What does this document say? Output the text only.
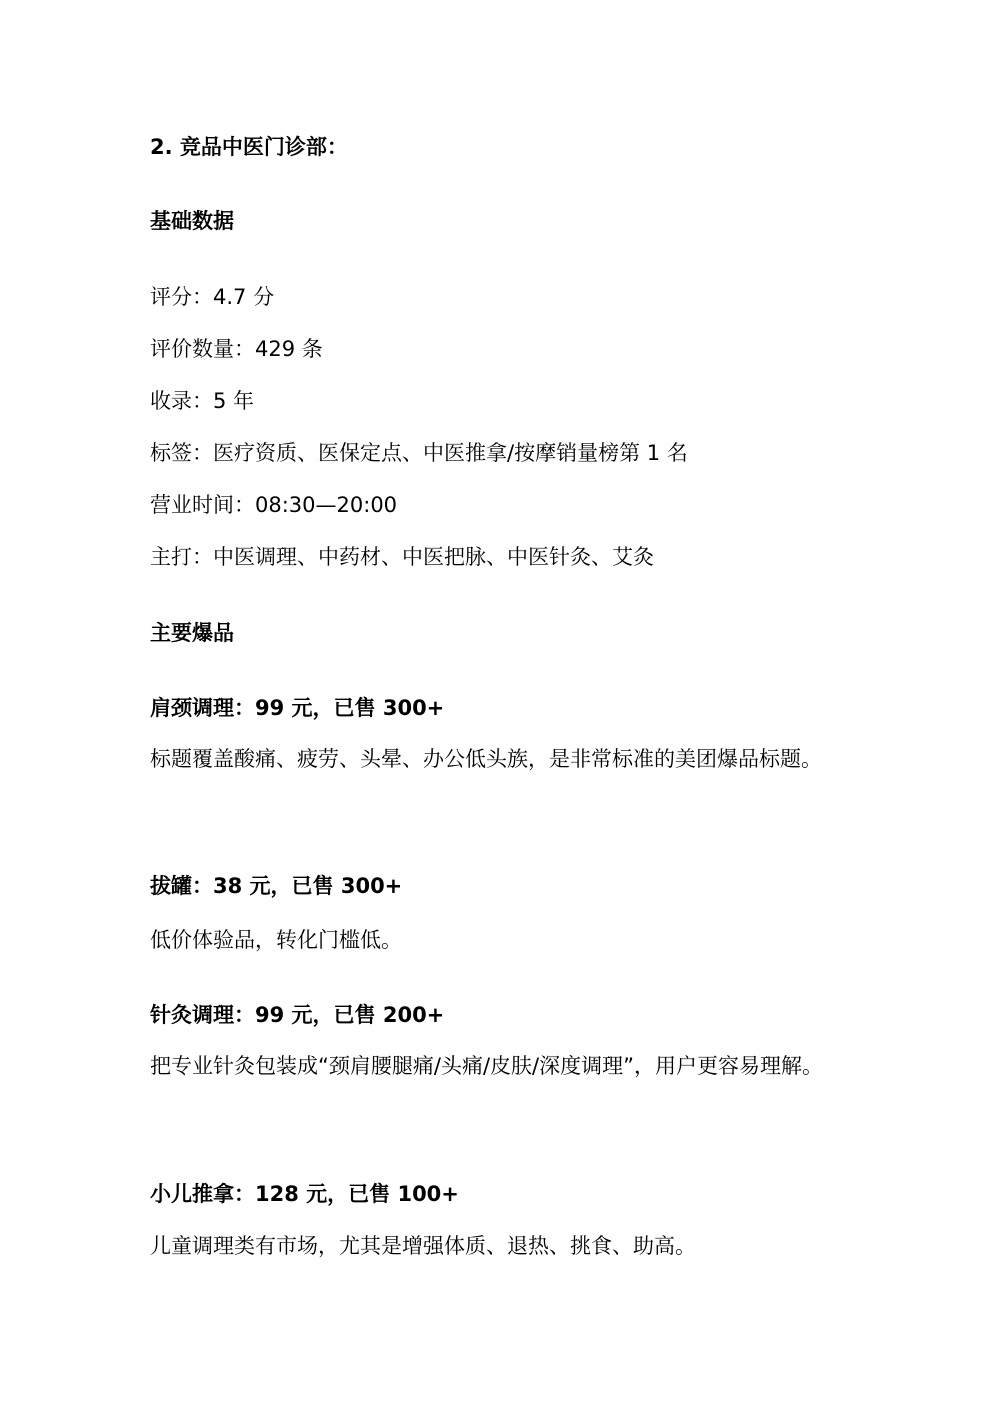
2. 竞品中医门诊部：
基础数据
评分：4.7 分
评价数量：429 条
收录：5 年
标签：医疗资质、医保定点、中医推拿/按摩销量榜第 1 名
营业时间：08:30—20:00
主打：中医调理、中药材、中医把脉、中医针灸、艾灸
主要爆品
肩颈调理：99 元，已售 300+
标题覆盖酸痛、疲劳、头晕、办公低头族，是非常标准的美团爆品标题。
拔罐：38 元，已售 300+
低价体验品，转化门槛低。
针灸调理：99 元，已售 200+
把专业针灸包装成“颈肩腰腿痛/头痛/皮肤/深度调理”，用户更容易理解。
小儿推拿：128 元，已售 100+
儿童调理类有市场，尤其是增强体质、退热、挑食、助高。
